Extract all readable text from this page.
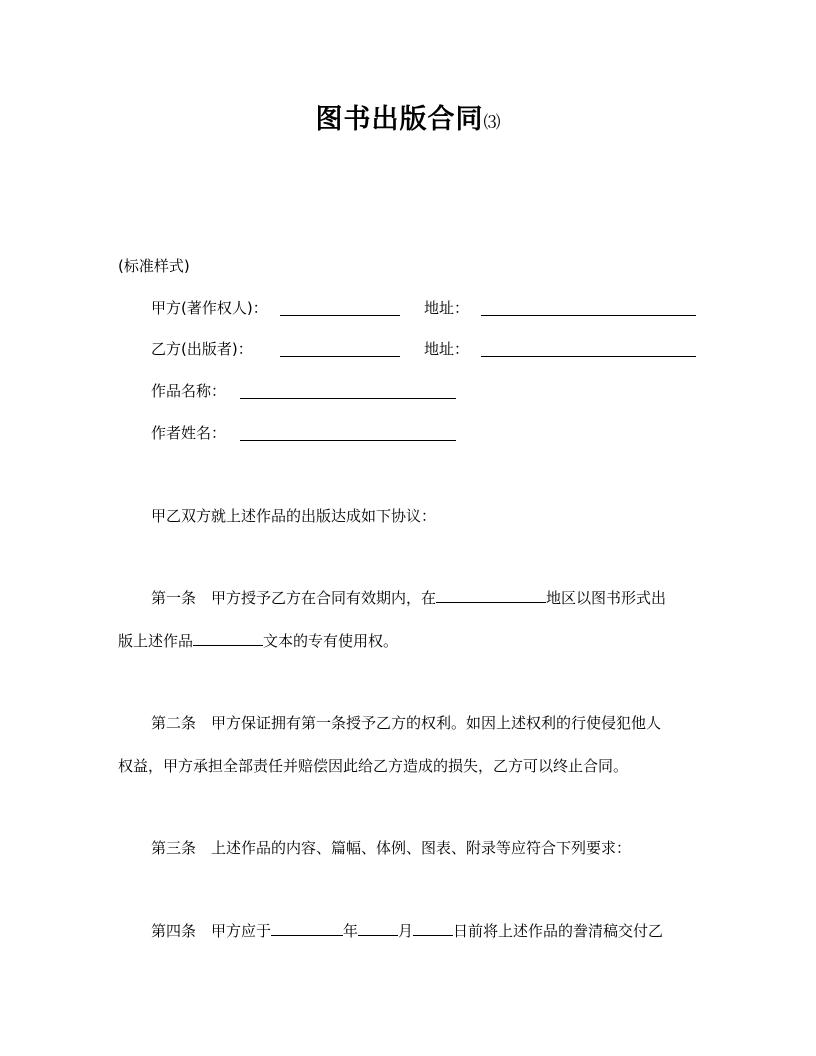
图书出版合同⑶
(标准样式)
甲方(著作权人)：	地址：
乙方(出版者)：	地址：
作品名称：
作者姓名：
甲乙双方就上述作品的出版达成如下协议：
第一条　甲方授予乙方在合同有效期内，在	地区以图书形式出
版上述作品	文本的专有使用权。
第二条　甲方保证拥有第一条授予乙方的权利。如因上述权利的行使侵犯他人
权益，甲方承担全部责任并赔偿因此给乙方造成的损失，乙方可以终止合同。
第三条　上述作品的内容、篇幅、体例、图表、附录等应符合下列要求：
第四条　甲方应于	年	月	日前将上述作品的誊清稿交付乙
